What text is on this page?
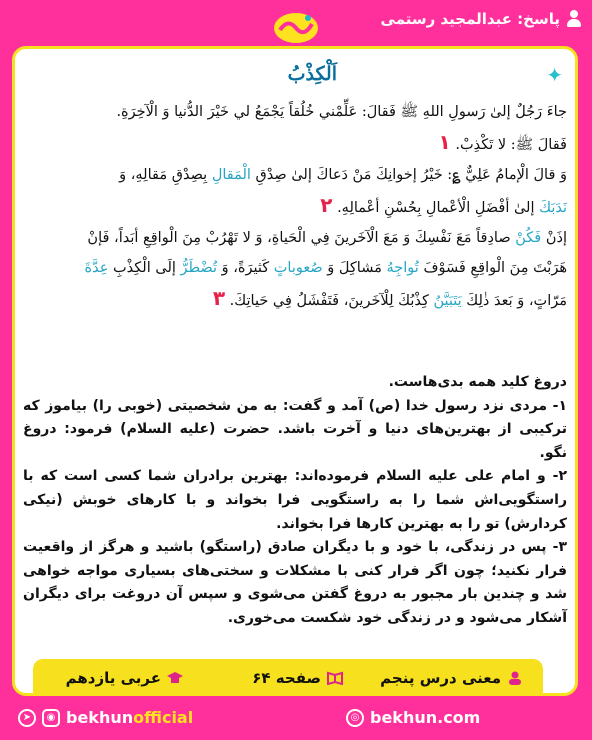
پاسخ: عبدالمجید رستمی
✦
اَلْكِذْبُ

جاءَ رَجُلٌ إلىٰ رَسولِ اللهِ ﷺ فَقالَ: عَلِّمْني خُلُقاً يَجْمَعُ لي خَيْرَ الدُّنيا وَ الْآخِرَةِ.

فَقالَ ﷺ: لا تَكْذِبْ. ۱

وَ قالَ الْإمامُ عَلِيٌّ ؏: خَيْرُ إخوانِكَ مَنْ دَعاكَ إلىٰ صِدْقِ الْمَقالِ بِصِدْقِ مَقالِهِ، وَ

نَدَبَكَ إلىٰ أفْضَلِ الْأعْمالِ بِحُسْنِ أعْمالِهِ. ۲

إذَنْ فَكُنْ صادِقاً مَعَ نَفْسِكَ وَ مَعَ الْآخَرينَ فِي الْحَياةِ، وَ لا تَهْرُبْ مِنَ الْواقِعِ أبَداً، فَإنْ

هَرَبْتَ مِنَ الْواقِعِ فَسَوْفَ تُواجِهُ مَشاكِلَ وَ صُعوباتٍ كَثيرَةً، وَ تُضْطَرُّ إلَى الْكِذْبِ عِدَّةَ

مَرّاتٍ، وَ بَعدَ ذٰلِكَ يَتَبَيَّنُ كِذْبُكَ لِلْآخَرينَ، فَتَفْشَلُ فِي حَياتِكَ. ۳

دروغ کلید همه بدی‌هاست.

۱- مردی نزد رسول خدا (ص) آمد و گفت: به من شخصیتی (خوبی را) بیاموز که ترکیبی از بهترین‌های دنیا و آخرت باشد. حضرت (علیه السلام) فرمود: دروغ نگو.

۲- و امام علی علیه السلام فرموده‌اند: بهترین برادران شما کسی است که با راستگویی‌اش شما را به راستگویی فرا بخواند و با کارهای خوبش (نیکی کردارش) تو را به بهترین کارها فرا بخواند.

۳- پس در زندگی، با خود و با دیگران صادق (راستگو) باشید و هرگز از واقعیت فرار نکنید؛ چون اگر فرار کنی با مشکلات و سختی‌های بسیاری مواجه خواهی شد و چندین بار مجبور به دروغ گفتن می‌شوی و سپس آن دروغت برای دیگران آشکار می‌شود و در زندگی خود شکست می‌خوری.

معنی درس پنجم
صفحه ۶۴
عربی یازدهم
➤	◉ bekhunofficial	◎ bekhun.com
